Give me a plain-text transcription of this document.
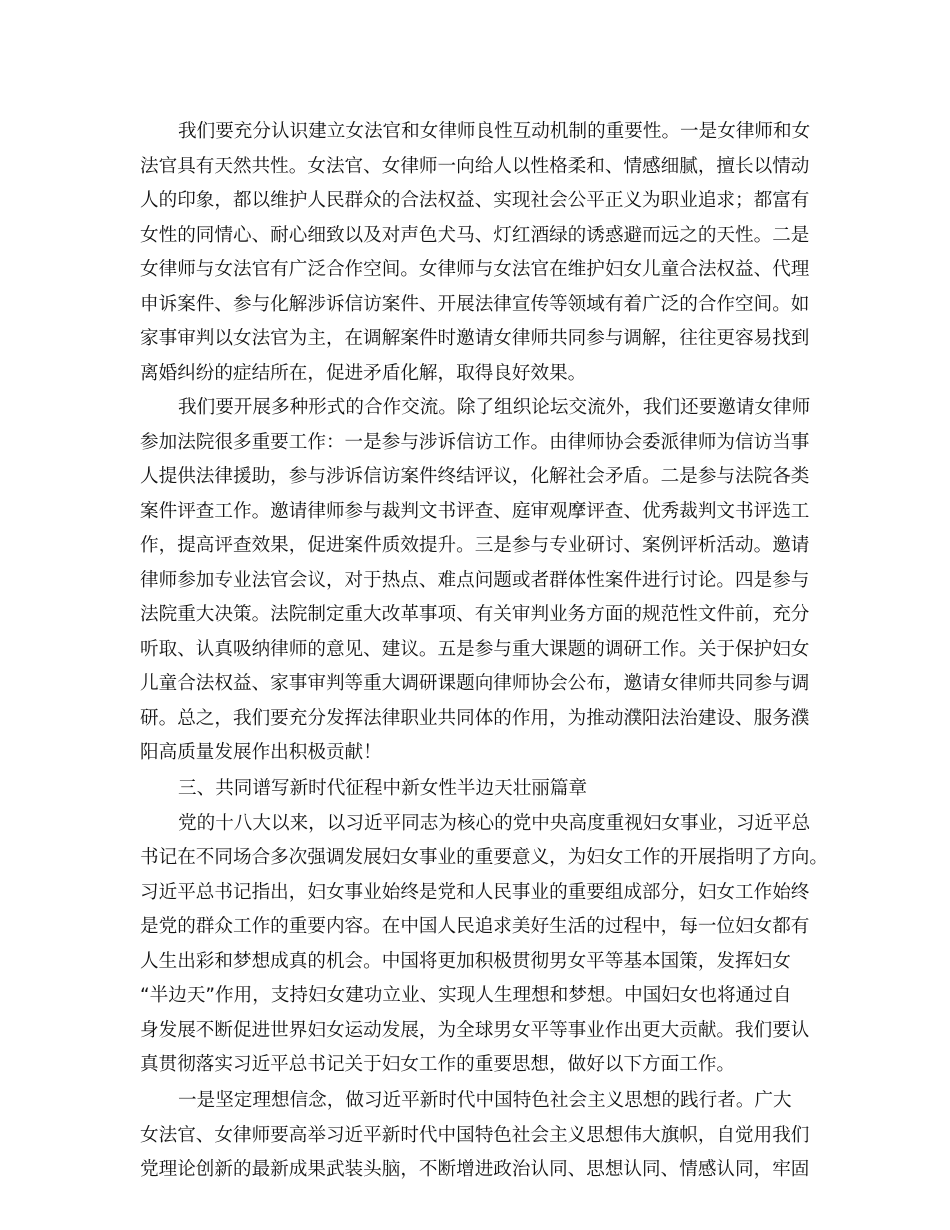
我们要充分认识建立女法官和女律师良性互动机制的重要性。一是女律师和女

法官具有天然共性。女法官、女律师一向给人以性格柔和、情感细腻，擅长以情动

人的印象，都以维护人民群众的合法权益、实现社会公平正义为职业追求；都富有

女性的同情心、耐心细致以及对声色犬马、灯红酒绿的诱惑避而远之的天性。二是

女律师与女法官有广泛合作空间。女律师与女法官在维护妇女儿童合法权益、代理

申诉案件、参与化解涉诉信访案件、开展法律宣传等领域有着广泛的合作空间。如

家事审判以女法官为主，在调解案件时邀请女律师共同参与调解，往往更容易找到

离婚纠纷的症结所在，促进矛盾化解，取得良好效果。

我们要开展多种形式的合作交流。除了组织论坛交流外，我们还要邀请女律师

参加法院很多重要工作：一是参与涉诉信访工作。由律师协会委派律师为信访当事

人提供法律援助，参与涉诉信访案件终结评议，化解社会矛盾。二是参与法院各类

案件评查工作。邀请律师参与裁判文书评查、庭审观摩评查、优秀裁判文书评选工

作，提高评查效果，促进案件质效提升。三是参与专业研讨、案例评析活动。邀请

律师参加专业法官会议，对于热点、难点问题或者群体性案件进行讨论。四是参与

法院重大决策。法院制定重大改革事项、有关审判业务方面的规范性文件前，充分

听取、认真吸纳律师的意见、建议。五是参与重大课题的调研工作。关于保护妇女

儿童合法权益、家事审判等重大调研课题向律师协会公布，邀请女律师共同参与调

研。总之，我们要充分发挥法律职业共同体的作用，为推动濮阳法治建设、服务濮

阳高质量发展作出积极贡献！

三、共同谱写新时代征程中新女性半边天壮丽篇章

党的十八大以来，以习近平同志为核心的党中央高度重视妇女事业，习近平总

书记在不同场合多次强调发展妇女事业的重要意义，为妇女工作的开展指明了方向。

习近平总书记指出，妇女事业始终是党和人民事业的重要组成部分，妇女工作始终

是党的群众工作的重要内容。在中国人民追求美好生活的过程中，每一位妇女都有

人生出彩和梦想成真的机会。中国将更加积极贯彻男女平等基本国策，发挥妇女

“半边天”作用，支持妇女建功立业、实现人生理想和梦想。中国妇女也将通过自

身发展不断促进世界妇女运动发展，为全球男女平等事业作出更大贡献。我们要认

真贯彻落实习近平总书记关于妇女工作的重要思想，做好以下方面工作。

一是坚定理想信念，做习近平新时代中国特色社会主义思想的践行者。广大

女法官、女律师要高举习近平新时代中国特色社会主义思想伟大旗帜，自觉用我们

党理论创新的最新成果武装头脑，不断增进政治认同、思想认同、情感认同，牢固
